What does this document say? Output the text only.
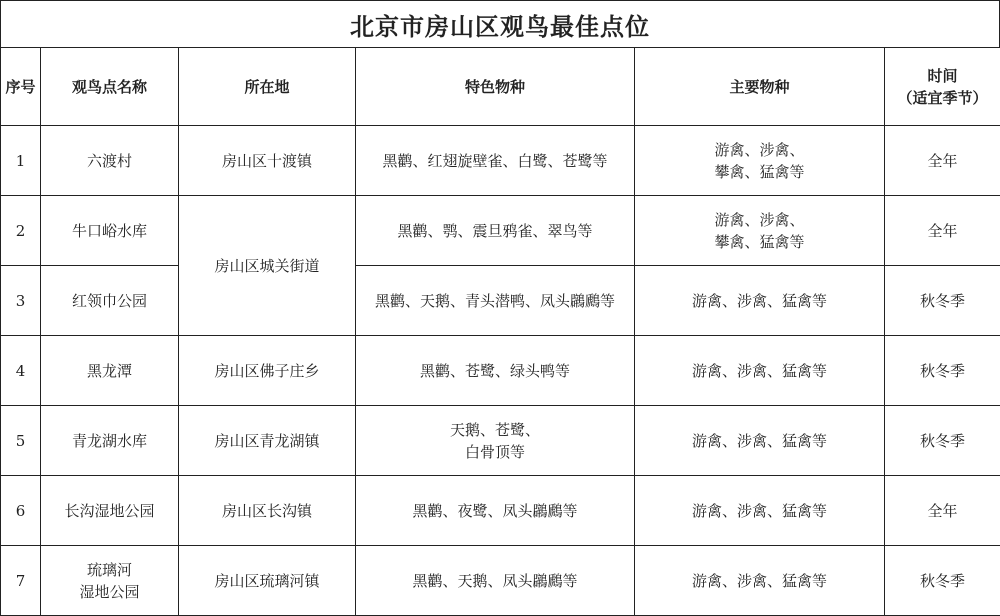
北京市房山区观鸟最佳点位
序号	观鸟点名称	所在地	特色物种	主要物种	时间
（适宜季节）
1	六渡村	房山区十渡镇	黑鹳、红翅旋壁雀、白鹭、苍鹭等	游禽、涉禽、
攀禽、猛禽等	全年
2	牛口峪水库	房山区城关街道	黑鹳、鹗、震旦鸦雀、翠鸟等	游禽、涉禽、
攀禽、猛禽等	全年
3	红领巾公园		黑鹳、天鹅、青头潜鸭、凤头鸊鷉等	游禽、涉禽、猛禽等	秋冬季
4	黑龙潭	房山区佛子庄乡	黑鹳、苍鹭、绿头鸭等	游禽、涉禽、猛禽等	秋冬季
5	青龙湖水库	房山区青龙湖镇	天鹅、苍鹭、
白骨顶等	游禽、涉禽、猛禽等	秋冬季
6	长沟湿地公园	房山区长沟镇	黑鹳、夜鹭、凤头鸊鷉等	游禽、涉禽、猛禽等	全年
7	琉璃河
湿地公园	房山区琉璃河镇	黑鹳、天鹅、凤头鸊鷉等	游禽、涉禽、猛禽等	秋冬季
